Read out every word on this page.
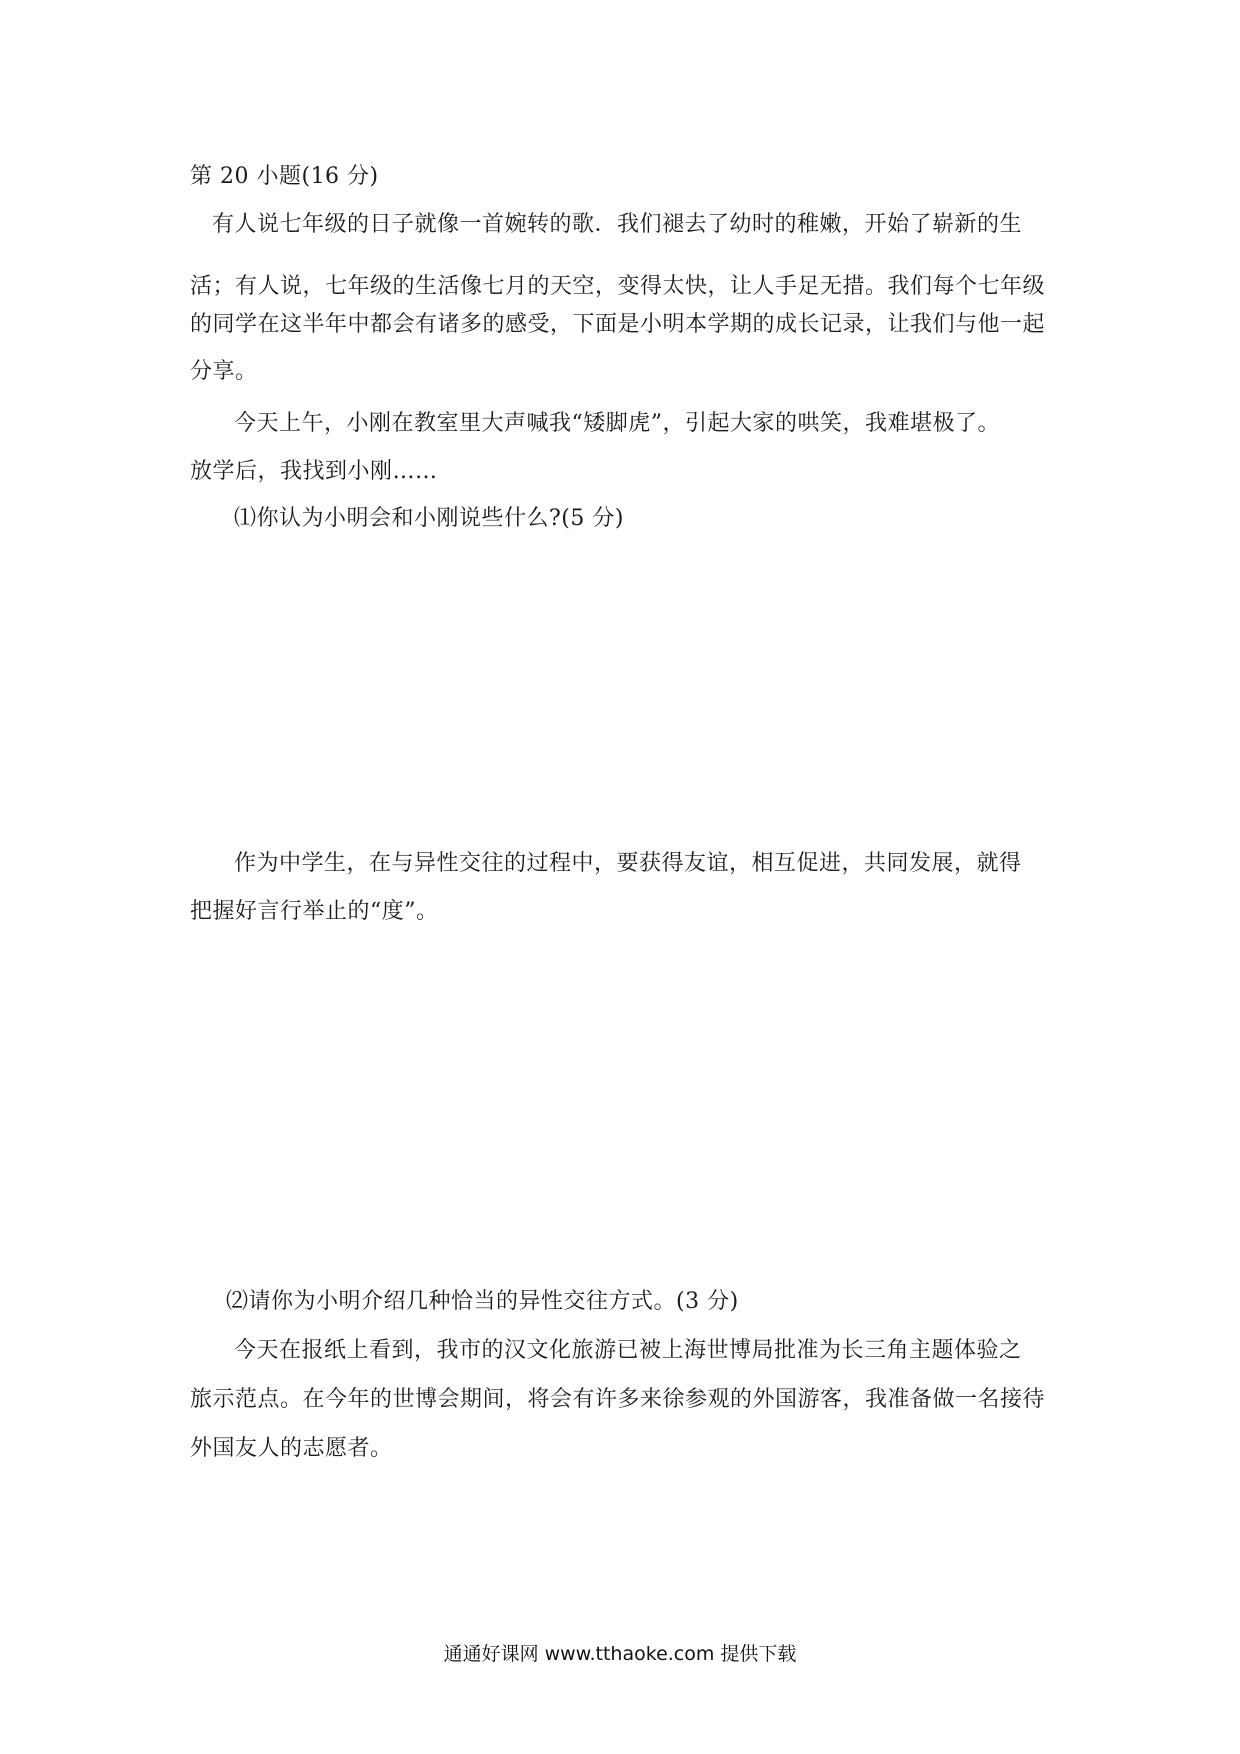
第 20 小题(16 分)
有人说七年级的日子就像一首婉转的歌．我们褪去了幼时的稚嫩，开始了崭新的生
活；有人说，七年级的生活像七月的天空，变得太快，让人手足无措。我们每个七年级
的同学在这半年中都会有诸多的感受，下面是小明本学期的成长记录，让我们与他一起
分享。
今天上午，小刚在教室里大声喊我“矮脚虎”，引起大家的哄笑，我难堪极了。
放学后，我找到小刚……
⑴你认为小明会和小刚说些什么?(5 分)
作为中学生，在与异性交往的过程中，要获得友谊，相互促进，共同发展，就得
把握好言行举止的“度”。
⑵请你为小明介绍几种恰当的异性交往方式。(3 分)
今天在报纸上看到，我市的汉文化旅游已被上海世博局批准为长三角主题体验之
旅示范点。在今年的世博会期间，将会有许多来徐参观的外国游客，我准备做一名接待
外国友人的志愿者。
通通好课网 www.tthaoke.com 提供下载
